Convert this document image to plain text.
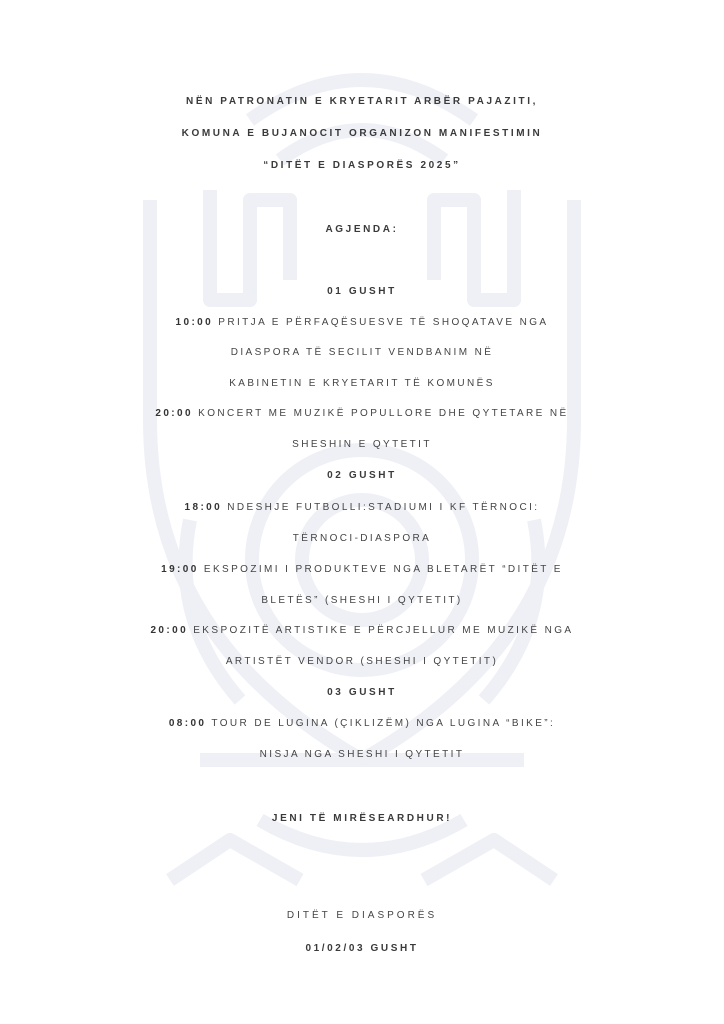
NËN PATRONATIN E KRYETARIT ARBËR PAJAZITI,
KOMUNA E BUJANOCIT ORGANIZON MANIFESTIMIN
“DITËT E DIASPORËS 2025”
AGJENDA:
01 GUSHT
10:00 PRITJA E PËRFAQËSUESVE TË SHOQATAVE NGA
DIASPORA TË SECILIT VENDBANIM NË
KABINETIN E KRYETARIT TË KOMUNËS
20:00 KONCERT ME MUZIKË POPULLORE DHE QYTETARE NË
SHESHIN E QYTETIT
02 GUSHT
18:00 NDESHJE FUTBOLLI:STADIUMI I KF TËRNOCI:
TËRNOCI-DIASPORA
19:00 EKSPOZIMI I PRODUKTEVE NGA BLETARËT “DITËT E
BLETËS” (SHESHI I QYTETIT)
20:00 EKSPOZITË ARTISTIKE E PËRCJELLUR ME MUZIKË NGA
ARTISTËT VENDOR (SHESHI I QYTETIT)
03 GUSHT
08:00 TOUR DE LUGINA (ÇIKLIZËM) NGA LUGINA “BIKE”:
NISJA NGA SHESHI I QYTETIT
JENI TË MIRËSEARDHUR!
DITËT E DIASPORËS
01/02/03 GUSHT
